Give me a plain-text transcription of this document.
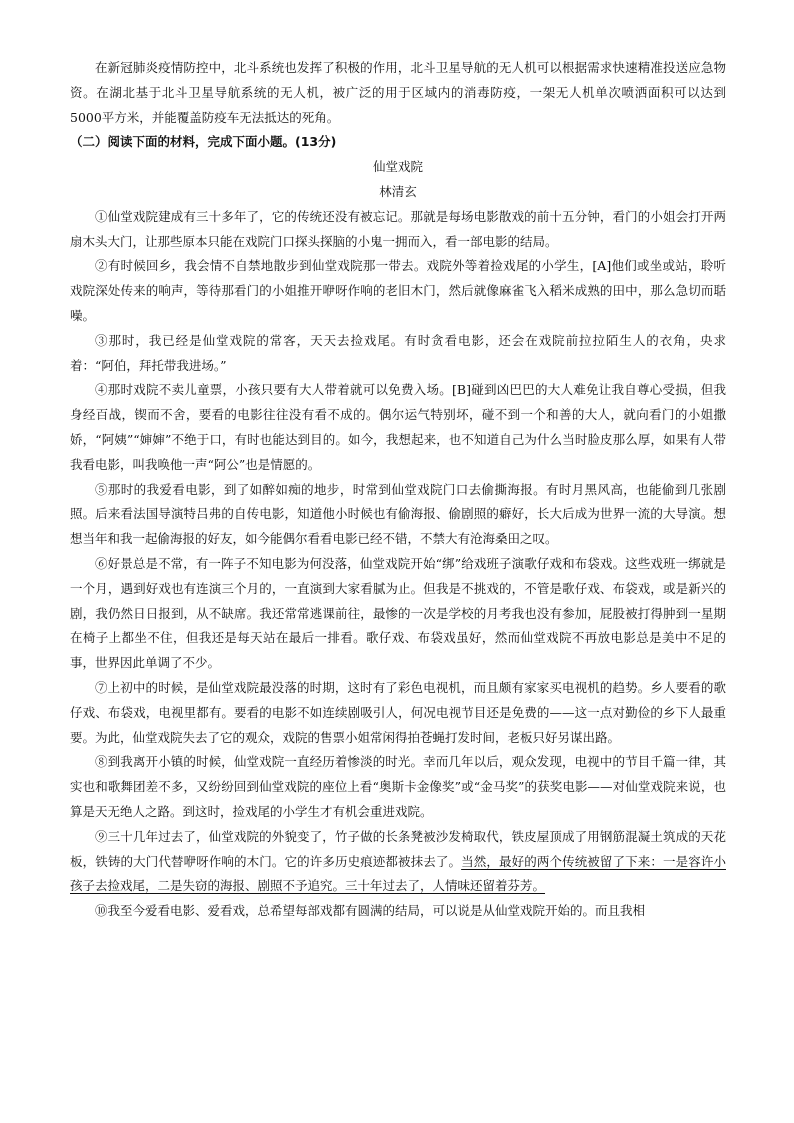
在新冠肺炎疫情防控中，北斗系统也发挥了积极的作用，北斗卫星导航的无人机可以根据需求快速精准投送应急物资。在湖北基于北斗卫星导航系统的无人机，被广泛的用于区域内的消毒防疫，一架无人机单次喷洒面积可以达到5000平方米，并能覆盖防疫车无法抵达的死角。

（二）阅读下面的材料，完成下面小题。(13分)

仙堂戏院

林清玄

①仙堂戏院建成有三十多年了，它的传统还没有被忘记。那就是每场电影散戏的前十五分钟，看门的小姐会打开两扇木头大门，让那些原本只能在戏院门口探头探脑的小鬼一拥而入，看一部电影的结局。

②有时候回乡，我会情不自禁地散步到仙堂戏院那一带去。戏院外等着捡戏尾的小学生，[A]他们或坐或站，聆听戏院深处传来的响声，等待那看门的小姐推开咿呀作响的老旧木门，然后就像麻雀飞入稻米成熟的田中，那么急切而聒噪。

③那时，我已经是仙堂戏院的常客，天天去捡戏尾。有时贪看电影，还会在戏院前拉拉陌生人的衣角，央求着：“阿伯，拜托带我进场。”

④那时戏院不卖儿童票，小孩只要有大人带着就可以免费入场。[B]碰到凶巴巴的大人难免让我自尊心受损，但我身经百战，锲而不舍，要看的电影往往没有看不成的。偶尔运气特别坏，碰不到一个和善的大人，就向看门的小姐撒娇，“阿姨”“婶婶”不绝于口，有时也能达到目的。如今，我想起来，也不知道自己为什么当时脸皮那么厚，如果有人带我看电影，叫我唤他一声“阿公”也是情愿的。

⑤那时的我爱看电影，到了如醉如痴的地步，时常到仙堂戏院门口去偷撕海报。有时月黑风高，也能偷到几张剧照。后来看法国导演特吕弗的自传电影，知道他小时候也有偷海报、偷剧照的癖好，长大后成为世界一流的大导演。想想当年和我一起偷海报的好友，如今能偶尔看看电影已经不错，不禁大有沧海桑田之叹。

⑥好景总是不常，有一阵子不知电影为何没落，仙堂戏院开始“绑”给戏班子演歌仔戏和布袋戏。这些戏班一绑就是一个月，遇到好戏也有连演三个月的，一直演到大家看腻为止。但我是不挑戏的，不管是歌仔戏、布袋戏，或是新兴的剧，我仍然日日报到，从不缺席。我还常常逃课前往，最惨的一次是学校的月考我也没有参加，屁股被打得肿到一星期在椅子上都坐不住，但我还是每天站在最后一排看。歌仔戏、布袋戏虽好，然而仙堂戏院不再放电影总是美中不足的事，世界因此单调了不少。

⑦上初中的时候，是仙堂戏院最没落的时期，这时有了彩色电视机，而且颇有家家买电视机的趋势。乡人要看的歌仔戏、布袋戏，电视里都有。要看的电影不如连续剧吸引人，何况电视节目还是免费的——这一点对勤俭的乡下人最重要。为此，仙堂戏院失去了它的观众，戏院的售票小姐常闲得拍苍蝇打发时间，老板只好另谋出路。

⑧到我离开小镇的时候，仙堂戏院一直经历着惨淡的时光。幸而几年以后，观众发现，电视中的节目千篇一律，其实也和歌舞团差不多，又纷纷回到仙堂戏院的座位上看“奥斯卡金像奖”或“金马奖”的获奖电影——对仙堂戏院来说，也算是天无绝人之路。到这时，捡戏尾的小学生才有机会重进戏院。

⑨三十几年过去了，仙堂戏院的外貌变了，竹子做的长条凳被沙发椅取代，铁皮屋顶成了用钢筋混凝土筑成的天花板，铁铸的大门代替咿呀作响的木门。它的许多历史痕迹都被抹去了。当然，最好的两个传统被留了下来：一是容许小孩子去捡戏尾，二是失窃的海报、剧照不予追究。三十年过去了，人情味还留着芬芳。

⑩我至今爱看电影、爱看戏，总希望每部戏都有圆满的结局，可以说是从仙堂戏院开始的。而且我相
